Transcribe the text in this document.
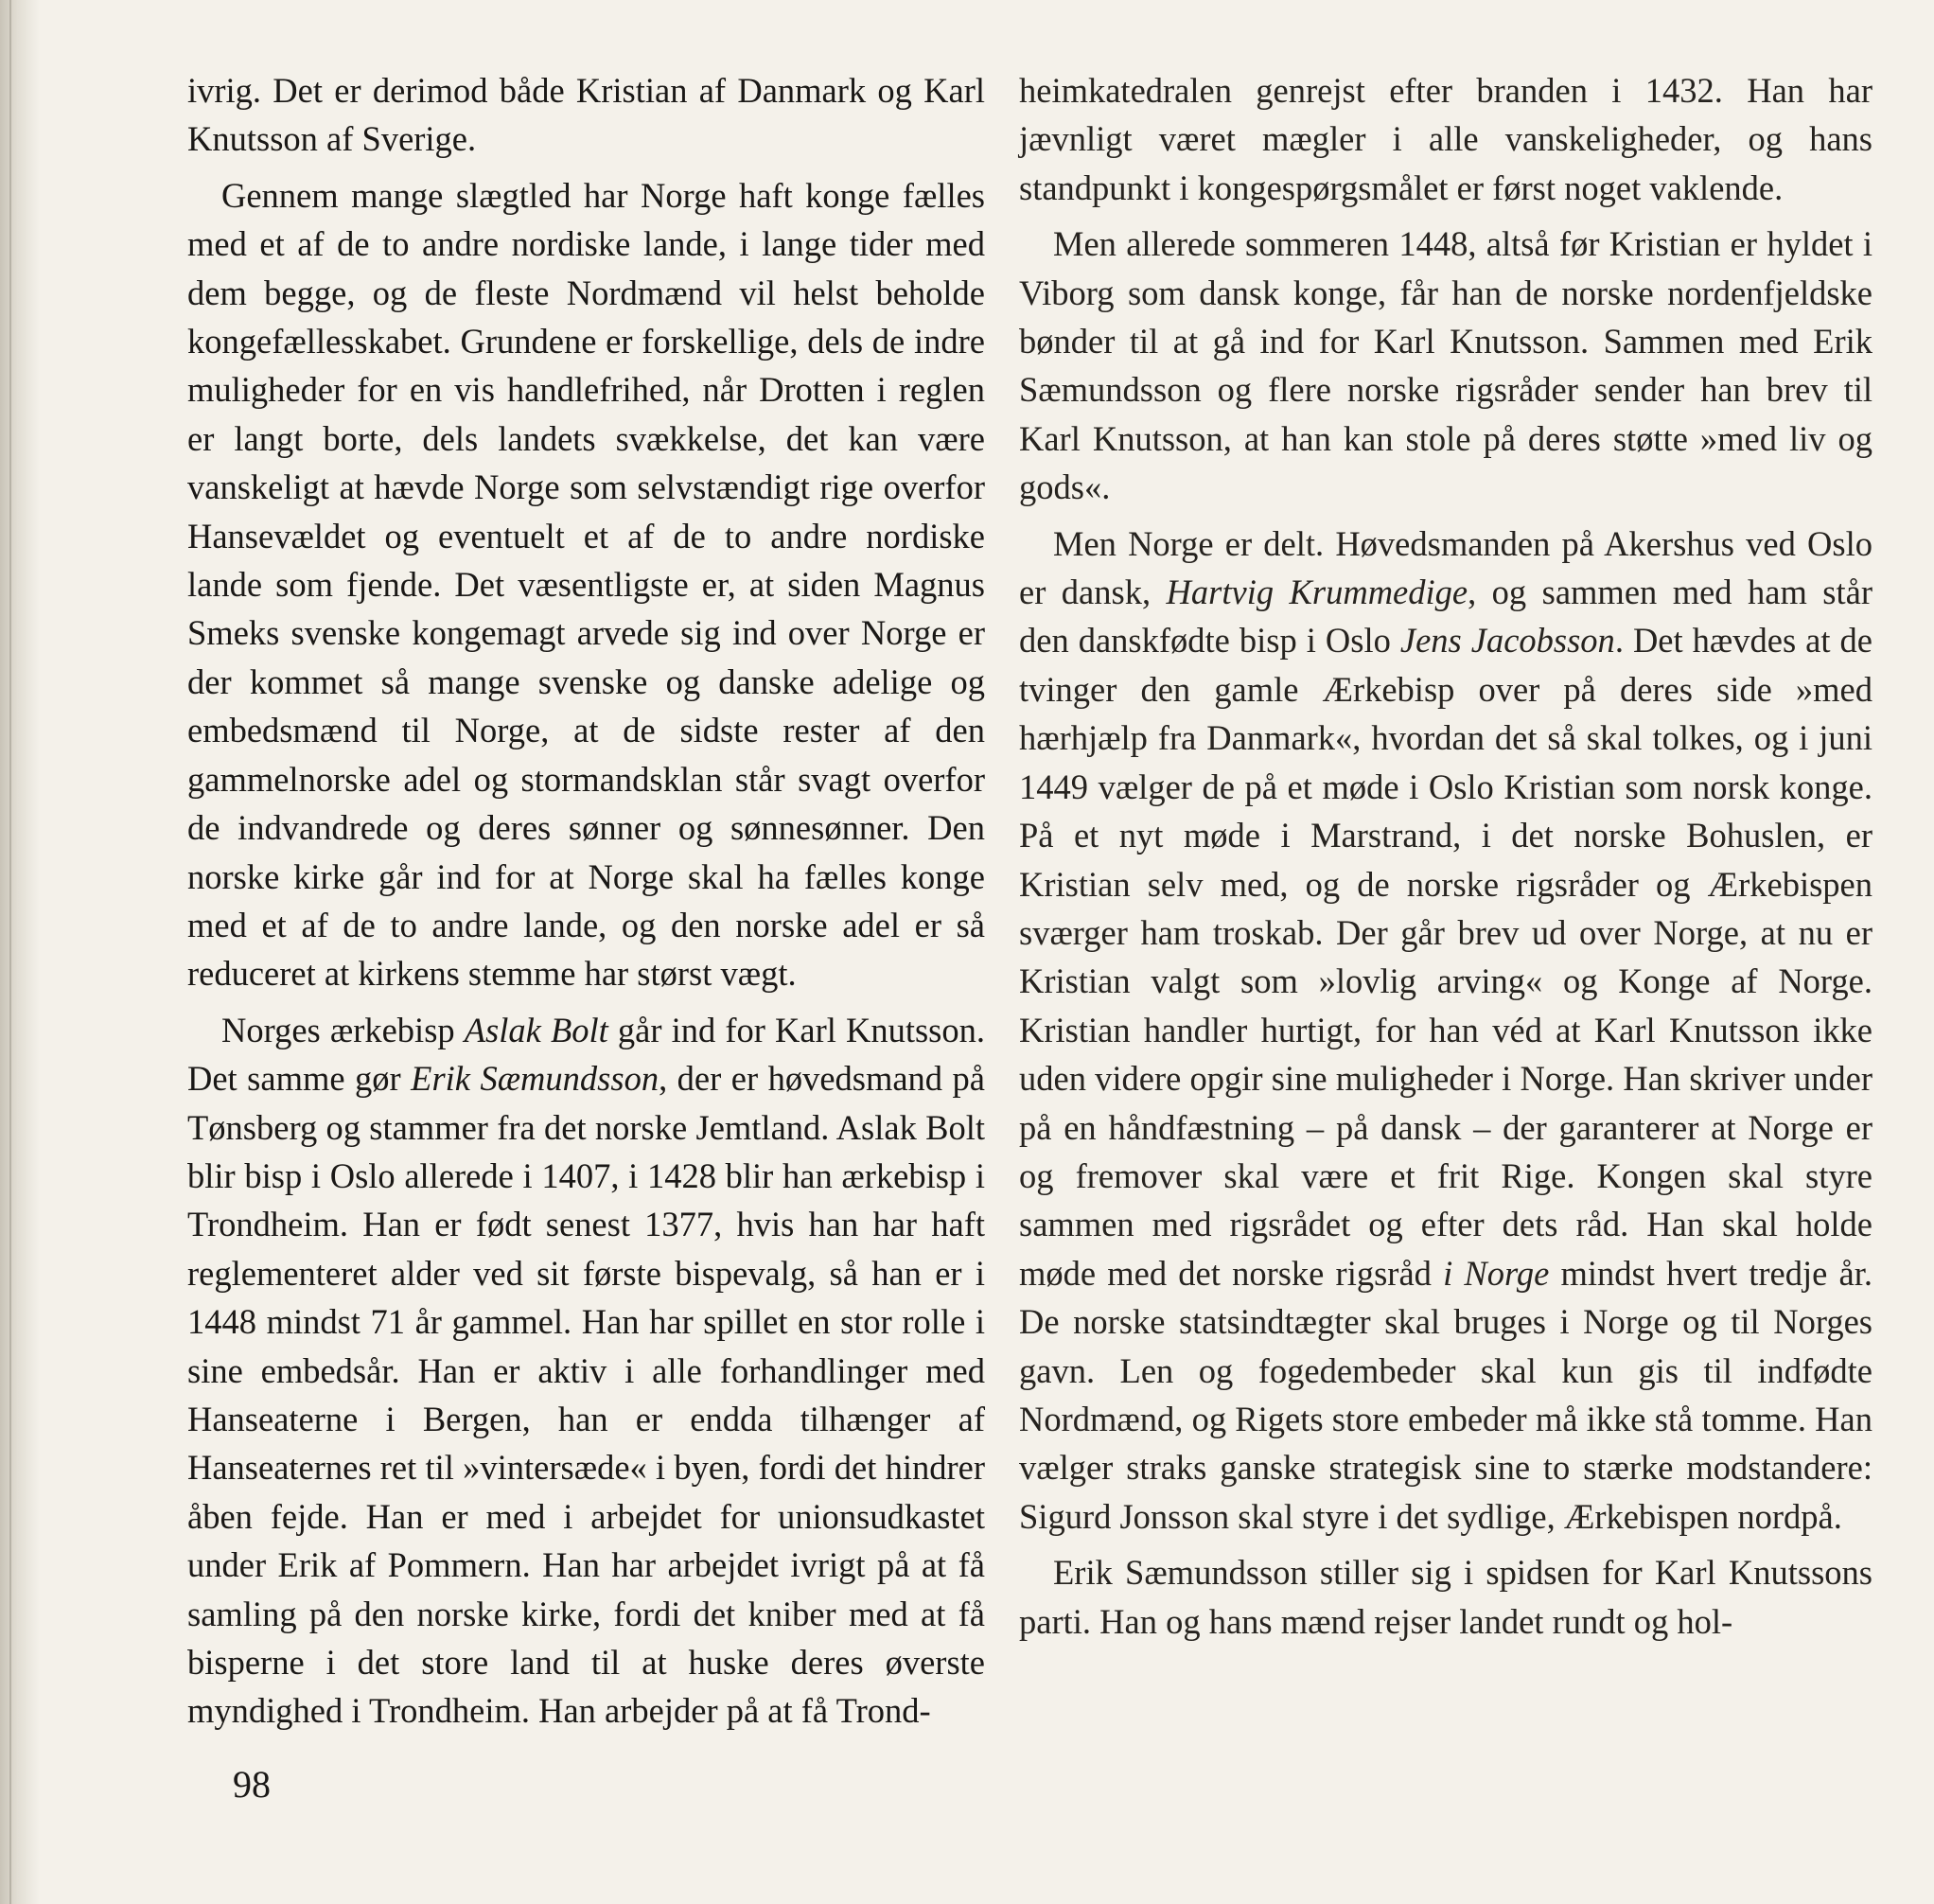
ivrig. Det er derimod både Kristian af Danmark og Karl Knutsson af Sverige.

Gennem mange slægtled har Norge haft konge fælles med et af de to andre nordiske lande, i lange tider med dem begge, og de fleste Nordmænd vil helst beholde kongefællesskabet. Grundene er forskellige, dels de indre muligheder for en vis handlefrihed, når Drotten i reglen er langt borte, dels landets svækkelse, det kan være vanskeligt at hævde Norge som selvstændigt rige overfor Hansevældet og eventuelt et af de to andre nordiske lande som fjende. Det væsentligste er, at siden Magnus Smeks svenske kongemagt arvede sig ind over Norge er der kommet så mange svenske og danske adelige og embedsmænd til Norge, at de sidste rester af den gammelnorske adel og stormandsklan står svagt overfor de indvandrede og deres sønner og sønnesønner. Den norske kirke går ind for at Norge skal ha fælles konge med et af de to andre lande, og den norske adel er så reduceret at kirkens stemme har størst vægt.

Norges ærkebisp Aslak Bolt går ind for Karl Knutsson. Det samme gør Erik Sæmundsson, der er høvedsmand på Tønsberg og stammer fra det norske Jemtland. Aslak Bolt blir bisp i Oslo allerede i 1407, i 1428 blir han ærkebisp i Trondheim. Han er født senest 1377, hvis han har haft reglementeret alder ved sit første bispevalg, så han er i 1448 mindst 71 år gammel. Han har spillet en stor rolle i sine embedsår. Han er aktiv i alle forhandlinger med Hanseaterne i Bergen, han er endda tilhænger af Hanseaternes ret til »vintersæde« i byen, fordi det hindrer åben fejde. Han er med i arbejdet for unionsudkastet under Erik af Pommern. Han har arbejdet ivrigt på at få samling på den norske kirke, fordi det kniber med at få bisperne i det store land til at huske deres øverste myndighed i Trondheim. Han arbejder på at få Trond-

heimkatedralen genrejst efter branden i 1432. Han har jævnligt været mægler i alle vanskeligheder, og hans standpunkt i kongespørgsmålet er først noget vaklende.

Men allerede sommeren 1448, altså før Kristian er hyldet i Viborg som dansk konge, får han de norske nordenfjeldske bønder til at gå ind for Karl Knutsson. Sammen med Erik Sæmundsson og flere norske rigsråder sender han brev til Karl Knutsson, at han kan stole på deres støtte »med liv og gods«.

Men Norge er delt. Høvedsmanden på Akershus ved Oslo er dansk, Hartvig Krummedige, og sammen med ham står den danskfødte bisp i Oslo Jens Jacobsson. Det hævdes at de tvinger den gamle Ærkebisp over på deres side »med hærhjælp fra Danmark«, hvordan det så skal tolkes, og i juni 1449 vælger de på et møde i Oslo Kristian som norsk konge. På et nyt møde i Marstrand, i det norske Bohuslen, er Kristian selv med, og de norske rigsråder og Ærkebispen sværger ham troskab. Der går brev ud over Norge, at nu er Kristian valgt som »lovlig arving« og Konge af Norge. Kristian handler hurtigt, for han véd at Karl Knutsson ikke uden videre opgir sine muligheder i Norge. Han skriver under på en håndfæstning – på dansk – der garanterer at Norge er og fremover skal være et frit Rige. Kongen skal styre sammen med rigsrådet og efter dets råd. Han skal holde møde med det norske rigsråd i Norge mindst hvert tredje år. De norske statsindtægter skal bruges i Norge og til Norges gavn. Len og fogedembeder skal kun gis til indfødte Nordmænd, og Rigets store embeder må ikke stå tomme. Han vælger straks ganske strategisk sine to stærke modstandere: Sigurd Jonsson skal styre i det sydlige, Ærkebispen nordpå.

Erik Sæmundsson stiller sig i spidsen for Karl Knutssons parti. Han og hans mænd rejser landet rundt og hol-

98
